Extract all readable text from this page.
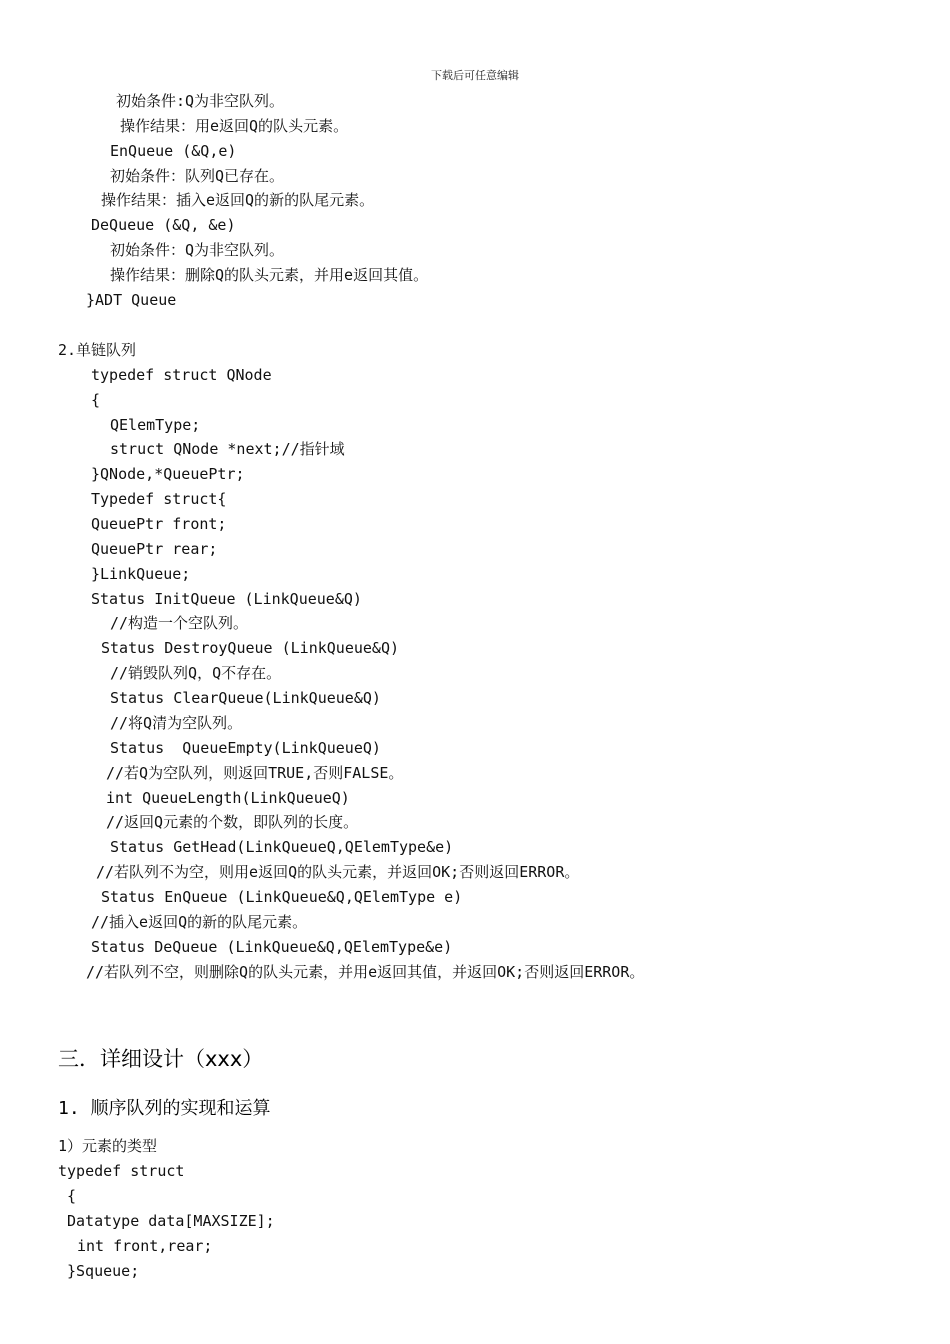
下载后可任意编辑
初始条件:Q为非空队列。
操作结果：用e返回Q的队头元素。
EnQueue (&Q,e)
初始条件：队列Q已存在。
操作结果：插入e返回Q的新的队尾元素。
DeQueue (&Q, &e)
初始条件：Q为非空队列。
操作结果：删除Q的队头元素，并用e返回其值。
}ADT Queue
2.单链队列
typedef struct QNode
{
QElemType;
struct QNode *next;//指针域
}QNode,*QueuePtr;
Typedef struct{
QueuePtr front;
QueuePtr rear;
}LinkQueue;
Status InitQueue (LinkQueue&Q)
//构造一个空队列。
Status DestroyQueue (LinkQueue&Q)
//销毁队列Q，Q不存在。
Status ClearQueue(LinkQueue&Q)
//将Q清为空队列。
Status  QueueEmpty(LinkQueueQ)
//若Q为空队列，则返回TRUE,否则FALSE。
int QueueLength(LinkQueueQ)
//返回Q元素的个数，即队列的长度。
Status GetHead(LinkQueueQ,QElemType&e)
//若队列不为空，则用e返回Q的队头元素，并返回OK;否则返回ERROR。
Status EnQueue (LinkQueue&Q,QElemType e)
//插入e返回Q的新的队尾元素。
Status DeQueue (LinkQueue&Q,QElemType&e)
//若队列不空，则删除Q的队头元素，并用e返回其值，并返回OK;否则返回ERROR。
三．详细设计（xxx）
1. 顺序队列的实现和运算
1）元素的类型
typedef struct
{
Datatype data[MAXSIZE];
int front,rear;
}Squeue;
